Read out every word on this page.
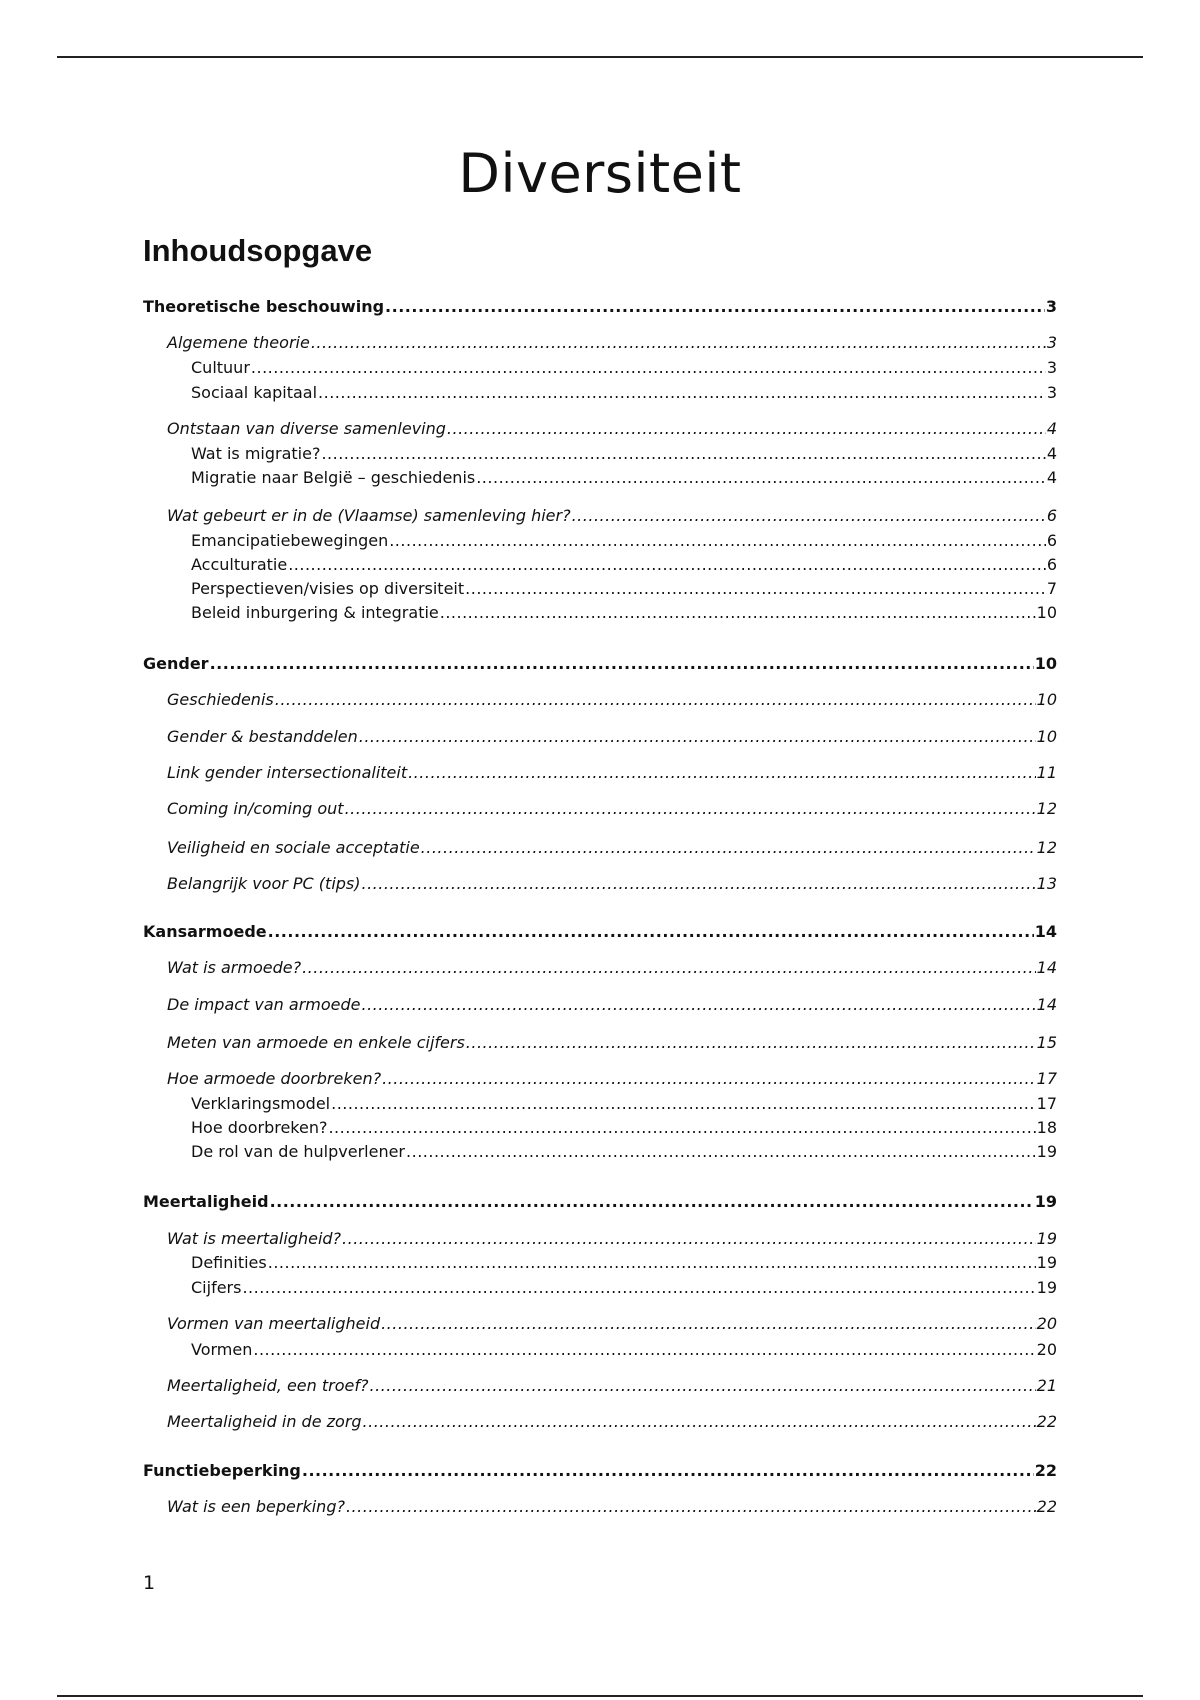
Diversiteit
Inhoudsopgave
Theoretische beschouwing .....	3
Algemene theorie .....	3
Cultuur .....	3
Sociaal kapitaal .....	3
Ontstaan van diverse samenleving .....	4
Wat is migratie? .....	4
Migratie naar België – geschiedenis .....	4
Wat gebeurt er in de (Vlaamse) samenleving hier? .....	6
Emancipatiebewegingen .....	6
Acculturatie .....	6
Perspectieven/visies op diversiteit .....	7
Beleid inburgering & integratie .....	10
Gender .....	10
Geschiedenis .....	10
Gender & bestanddelen .....	10
Link gender intersectionaliteit .....	11
Coming in/coming out .....	12
Veiligheid en sociale acceptatie .....	12
Belangrijk voor PC (tips) .....	13
Kansarmoede .....	14
Wat is armoede? .....	14
De impact van armoede .....	14
Meten van armoede en enkele cijfers .....	15
Hoe armoede doorbreken? .....	17
Verklaringsmodel .....	17
Hoe doorbreken? .....	18
De rol van de hulpverlener .....	19
Meertaligheid .....	19
Wat is meertaligheid? .....	19
Definities .....	19
Cijfers .....	19
Vormen van meertaligheid .....	20
Vormen .....	20
Meertaligheid, een troef? .....	21
Meertaligheid in de zorg .....	22
Functiebeperking .....	22
Wat is een beperking? .....	22
1
